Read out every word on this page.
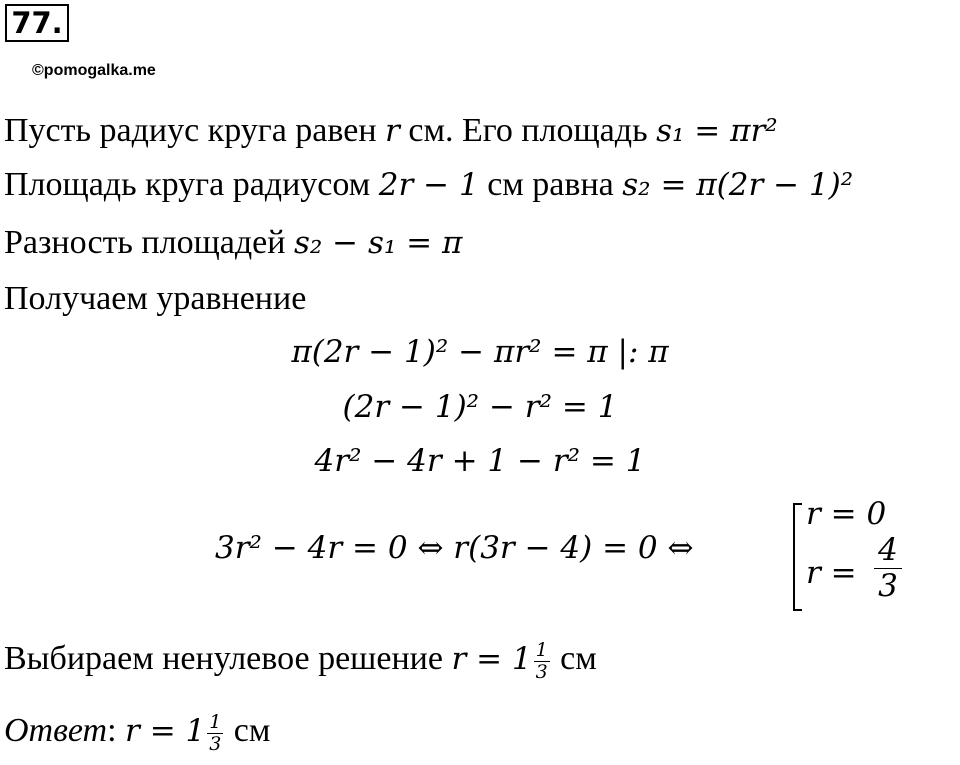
77.
©pomogalka.me
Пусть радиус круга равен r см. Его площадь s₁ = πr²
Площадь круга радиусом 2r − 1 см равна s₂ = π(2r − 1)²
Разность площадей s₂ − s₁ = π
Получаем уравнение
π(2r − 1)² − πr² = π |: π
(2r − 1)² − r² = 1
4r² − 4r + 1 − r² = 1
3r² − 4r = 0 ⇔ r(3r − 4) = 0 ⇔
r = 0
r =
4
3
Выбираем ненулевое решение $r = 1 \frac{1}{3}$ см
Ответ: $r = 1 \frac{1}{3}$ см
